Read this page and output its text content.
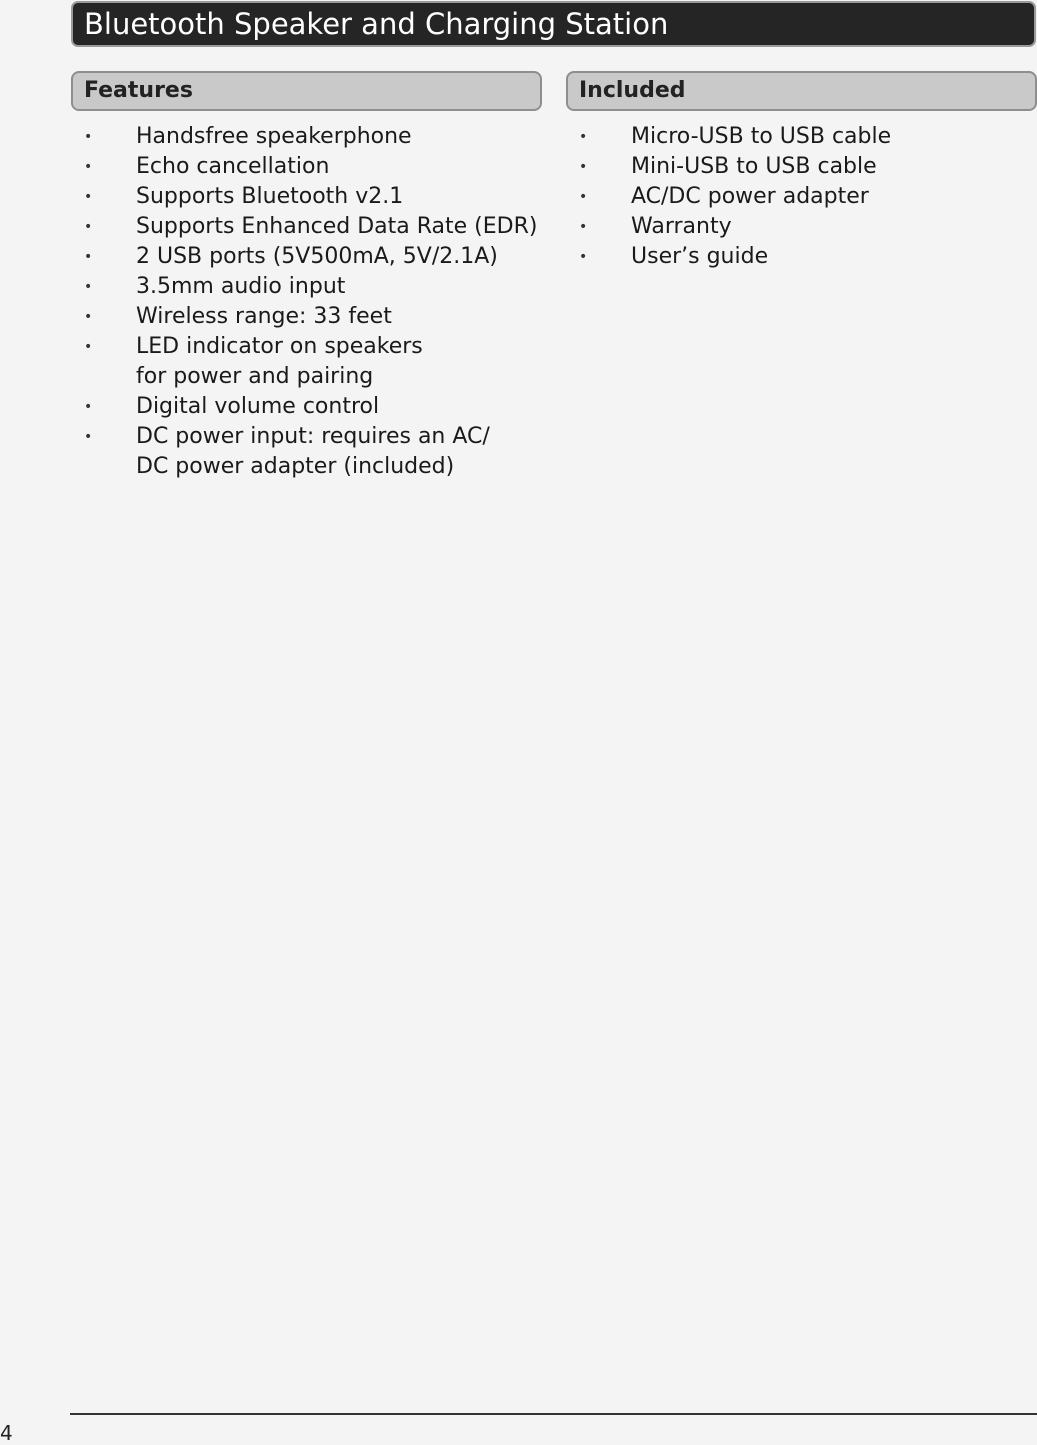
Bluetooth Speaker and Charging Station
Features	Included
• Handsfree speakerphone
• Echo cancellation
• Supports Bluetooth v2.1
• Supports Enhanced Data Rate (EDR)
• 2 USB ports (5V500mA, 5V/2.1A)
• 3.5mm audio input
• Wireless range: 33 feet
• LED indicator on speakers
for power and pairing
• Digital volume control
• DC power input: requires an AC/
DC power adapter (included)
• Micro-USB to USB cable
• Mini-USB to USB cable
• AC/DC power adapter
• Warranty
• User’s guide
4
